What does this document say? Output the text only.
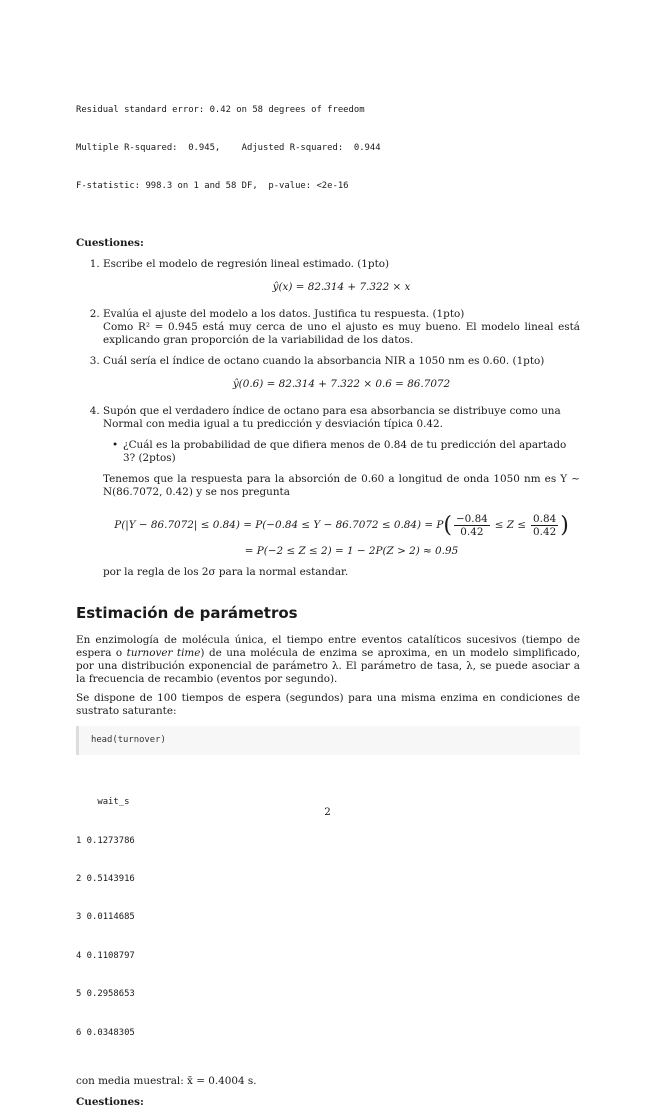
Residual standard error: 0.42 on 58 degrees of freedom

Multiple R-squared:  0.945,    Adjusted R-squared:  0.944

F-statistic: 998.3 on 1 and 58 DF,  p-value: <2e-16

Cuestiones:
1. Escribe el modelo de regresión lineal estimado. (1pto)
ŷ(x) = 82.314 + 7.322 × x
2. Evalúa el ajuste del modelo a los datos. Justifica tu respuesta. (1pto)
Como R² = 0.945 está muy cerca de uno el ajusto es muy bueno. El modelo lineal está explicando gran proporción de la variabilidad de los datos.
3. Cuál sería el índice de octano cuando la absorbancia NIR a 1050 nm es 0.60. (1pto)
ŷ(0.6) = 82.314 + 7.322 × 0.6 = 86.7072
4. Supón que el verdadero índice de octano para esa absorbancia se distribuye como una Normal con media igual a tu predicción y desviación típica 0.42.
• ¿Cuál es la probabilidad de que difiera menos de 0.84 de tu predicción del apartado 3? (2ptos)
Tenemos que la respuesta para la absorción de 0.60 a longitud de onda 1050 nm es Y ∼ N(86.7072, 0.42) y se nos pregunta
P(|Y − 86.7072| ≤ 0.84) = P(−0.84 ≤ Y − 86.7072 ≤ 0.84) = P ( $\frac{-0.84}{0.42} \le Z \le \frac{0.84}{0.42}$ )
= P(−2 ≤ Z ≤ 2) = 1 − 2P(Z > 2) ≈ 0.95
por la regla de los 2σ para la normal estandar.
Estimación de parámetros

En enzimología de molécula única, el tiempo entre eventos catalíticos sucesivos (tiempo de espera o turnover time) de una molécula de enzima se aproxima, en un modelo simplificado, por una distribución exponencial de parámetro λ. El parámetro de tasa, λ, se puede asociar a la frecuencia de recambio (eventos por segundo).

Se dispone de 100 tiempos de espera (segundos) para una misma enzima en condiciones de sustrato saturante:

head(turnover)

wait_s

1 0.1273786

2 0.5143916

3 0.0114685

4 0.1108797

5 0.2958653

6 0.0348305

con media muestral: x̄ = 0.4004 s.

Cuestiones:
2
